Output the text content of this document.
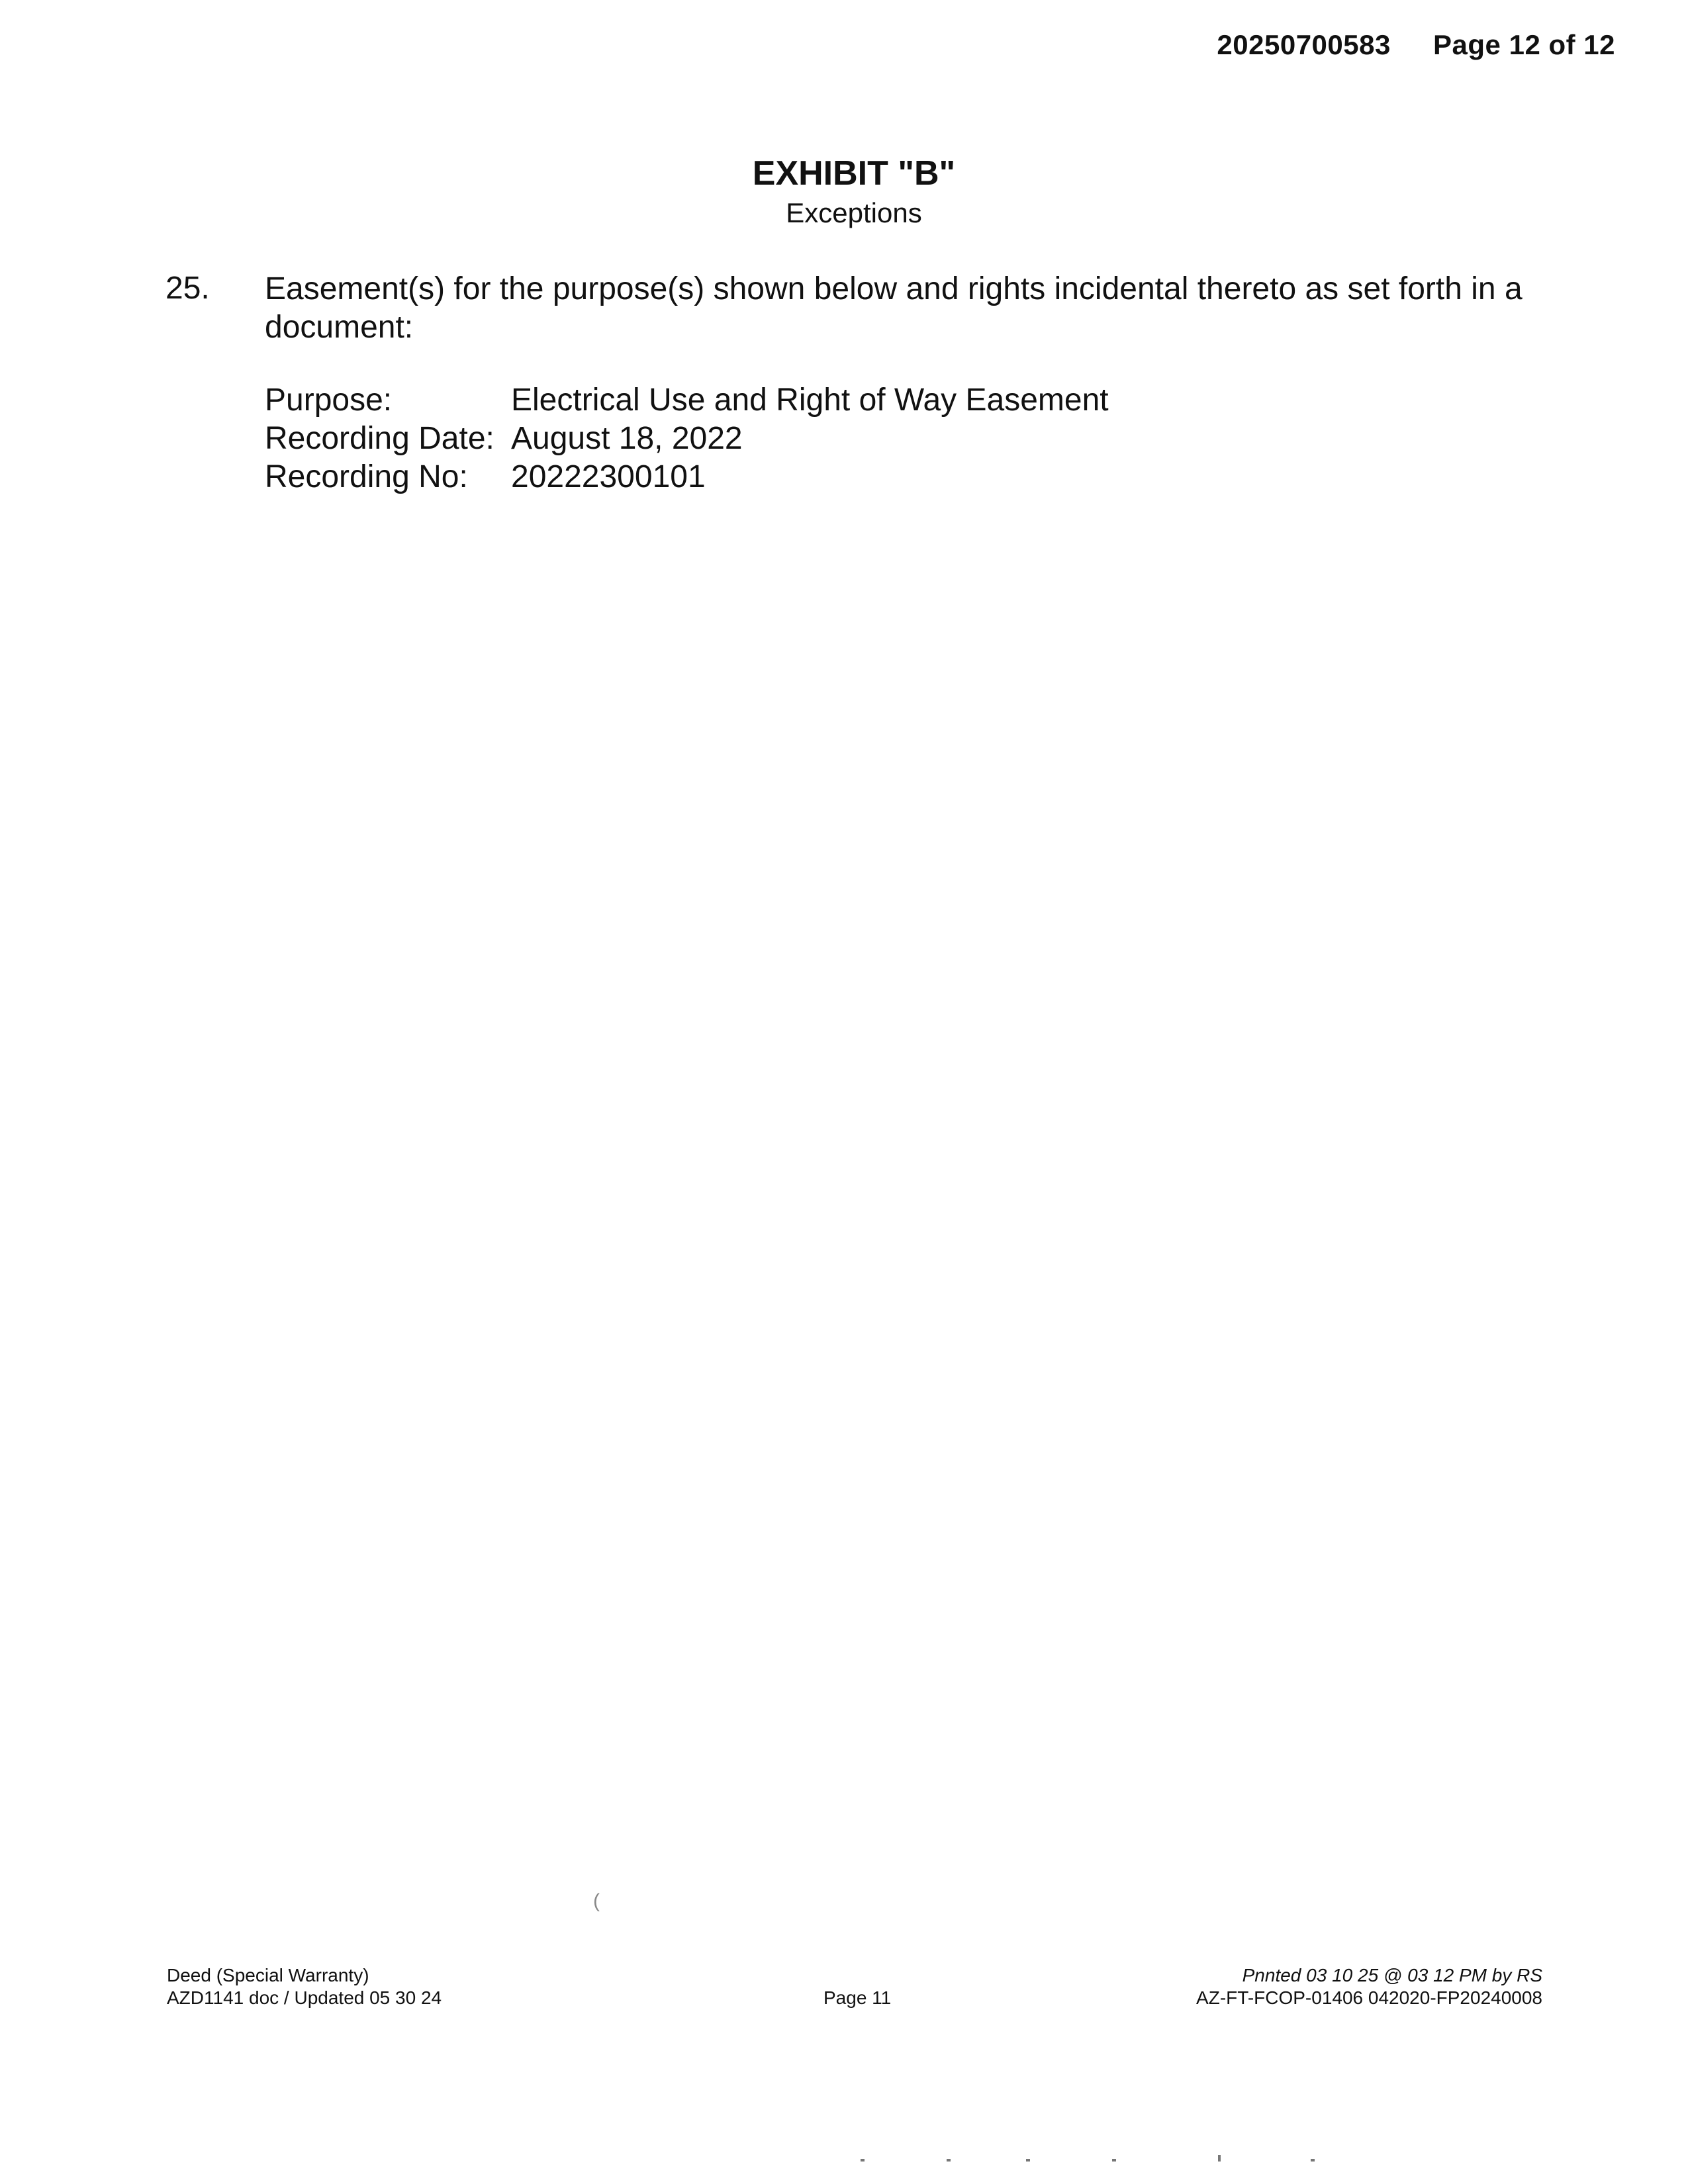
20250700583 Page 12 of 12
EXHIBIT "B"
Exceptions
25. Easement(s) for the purpose(s) shown below and rights incidental thereto as set forth in a document:
Purpose:	Electrical Use and Right of Way Easement
Recording Date: August 18, 2022
Recording No:	20222300101
(
Deed (Special Warranty)
AZD1141 doc / Updated 05 30 24	Page 11
Pnnted 03 10 25 @ 03 12 PM by RS
AZ-FT-FCOP-01406 042020-FP20240008
